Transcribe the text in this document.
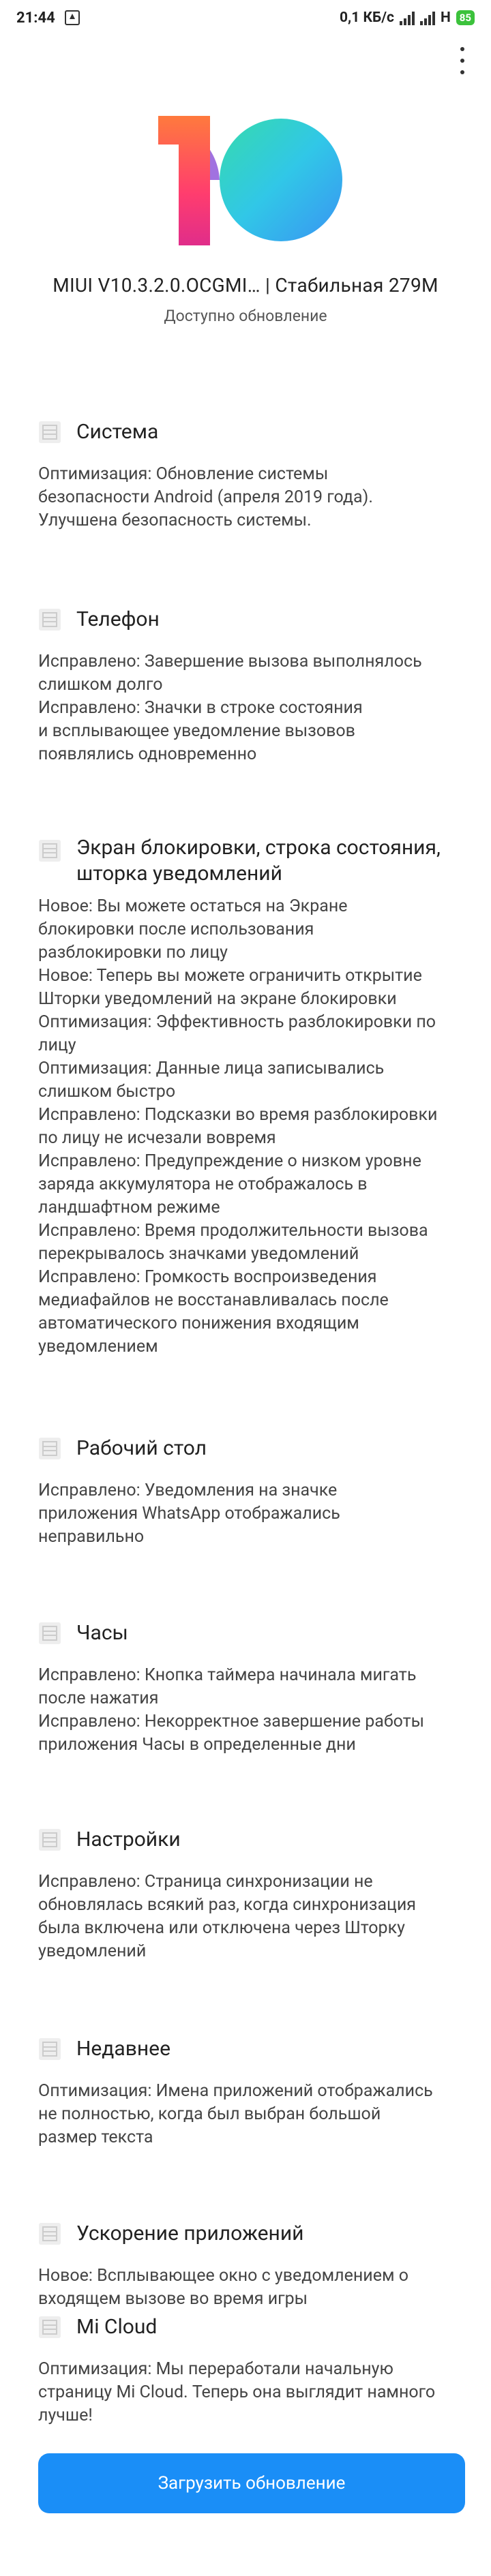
21:44	0,1 КБ/с	H 85
MIUI V10.3.2.0.OCGMI… | Стабильная 279M
Доступно обновление
Система
Оптимизация: Обновление системы
безопасности Android (апреля 2019 года).
Улучшена безопасность системы.
Телефон
Исправлено: Завершение вызова выполнялось
слишком долго
Исправлено: Значки в строке состояния
и всплывающее уведомление вызовов
появлялись одновременно
Экран блокировки, строка состояния,
шторка уведомлений
Новое: Вы можете остаться на Экране
блокировки после использования
разблокировки по лицу
Новое: Теперь вы можете ограничить открытие
Шторки уведомлений на экране блокировки
Оптимизация: Эффективность разблокировки по
лицу
Оптимизация: Данные лица записывались
слишком быстро
Исправлено: Подсказки во время разблокировки
по лицу не исчезали вовремя
Исправлено: Предупреждение о низком уровне
заряда аккумулятора не отображалось в
ландшафтном режиме
Исправлено: Время продолжительности вызова
перекрывалось значками уведомлений
Исправлено: Громкость воспроизведения
медиафайлов не восстанавливалась после
автоматического понижения входящим
уведомлением
Рабочий стол
Исправлено: Уведомления на значке
приложения WhatsApp отображались
неправильно
Часы
Исправлено: Кнопка таймера начинала мигать
после нажатия
Исправлено: Некорректное завершение работы
приложения Часы в определенные дни
Настройки
Исправлено: Страница синхронизации не
обновлялась всякий раз, когда синхронизация
была включена или отключена через Шторку
уведомлений
Недавнее
Оптимизация: Имена приложений отображались
не полностью, когда был выбран большой
размер текста
Ускорение приложений
Новое: Всплывающее окно с уведомлением о
входящем вызове во время игры
Mi Cloud
Оптимизация: Мы переработали начальную
страницу Mi Cloud. Теперь она выглядит намного
лучше!
Загрузить обновление
